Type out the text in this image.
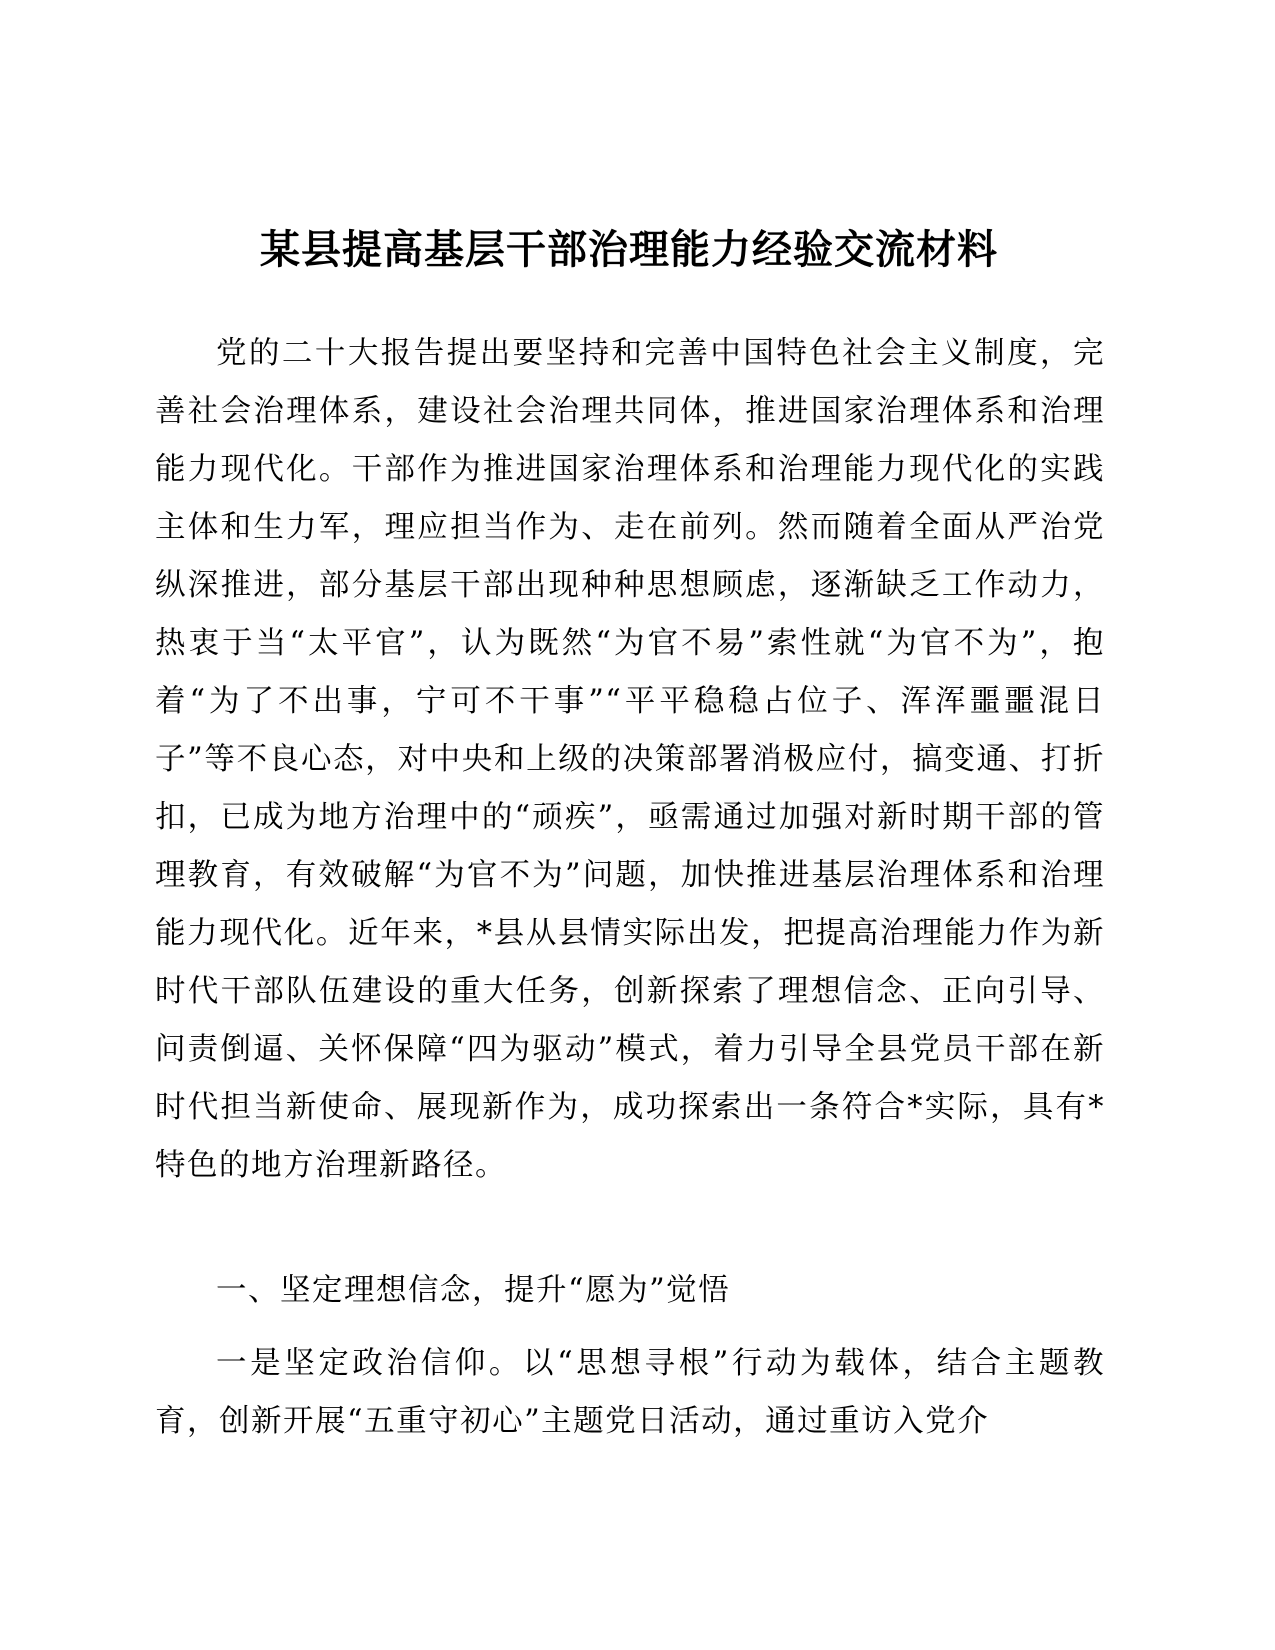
某县提高基层干部治理能力经验交流材料

党的二十大报告提出要坚持和完善中国特色社会主义制度，完善社会治理体系，建设社会治理共同体，推进国家治理体系和治理能力现代化。干部作为推进国家治理体系和治理能力现代化的实践主体和生力军，理应担当作为、走在前列。然而随着全面从严治党纵深推进，部分基层干部出现种种思想顾虑，逐渐缺乏工作动力，热衷于当“太平官”，认为既然“为官不易”索性就“为官不为”，抱着“为了不出事，宁可不干事”“平平稳稳占位子、浑浑噩噩混日子”等不良心态，对中央和上级的决策部署消极应付，搞变通、打折扣，已成为地方治理中的“顽疾”，亟需通过加强对新时期干部的管理教育，有效破解“为官不为”问题，加快推进基层治理体系和治理能力现代化。近年来，*县从县情实际出发，把提高治理能力作为新时代干部队伍建设的重大任务，创新探索了理想信念、正向引导、问责倒逼、关怀保障“四为驱动”模式，着力引导全县党员干部在新时代担当新使命、展现新作为，成功探索出一条符合*实际，具有*特色的地方治理新路径。

一、坚定理想信念，提升“愿为”觉悟

一是坚定政治信仰。以“思想寻根”行动为载体，结合主题教育，创新开展“五重守初心”主题党日活动，通过重访入党介
